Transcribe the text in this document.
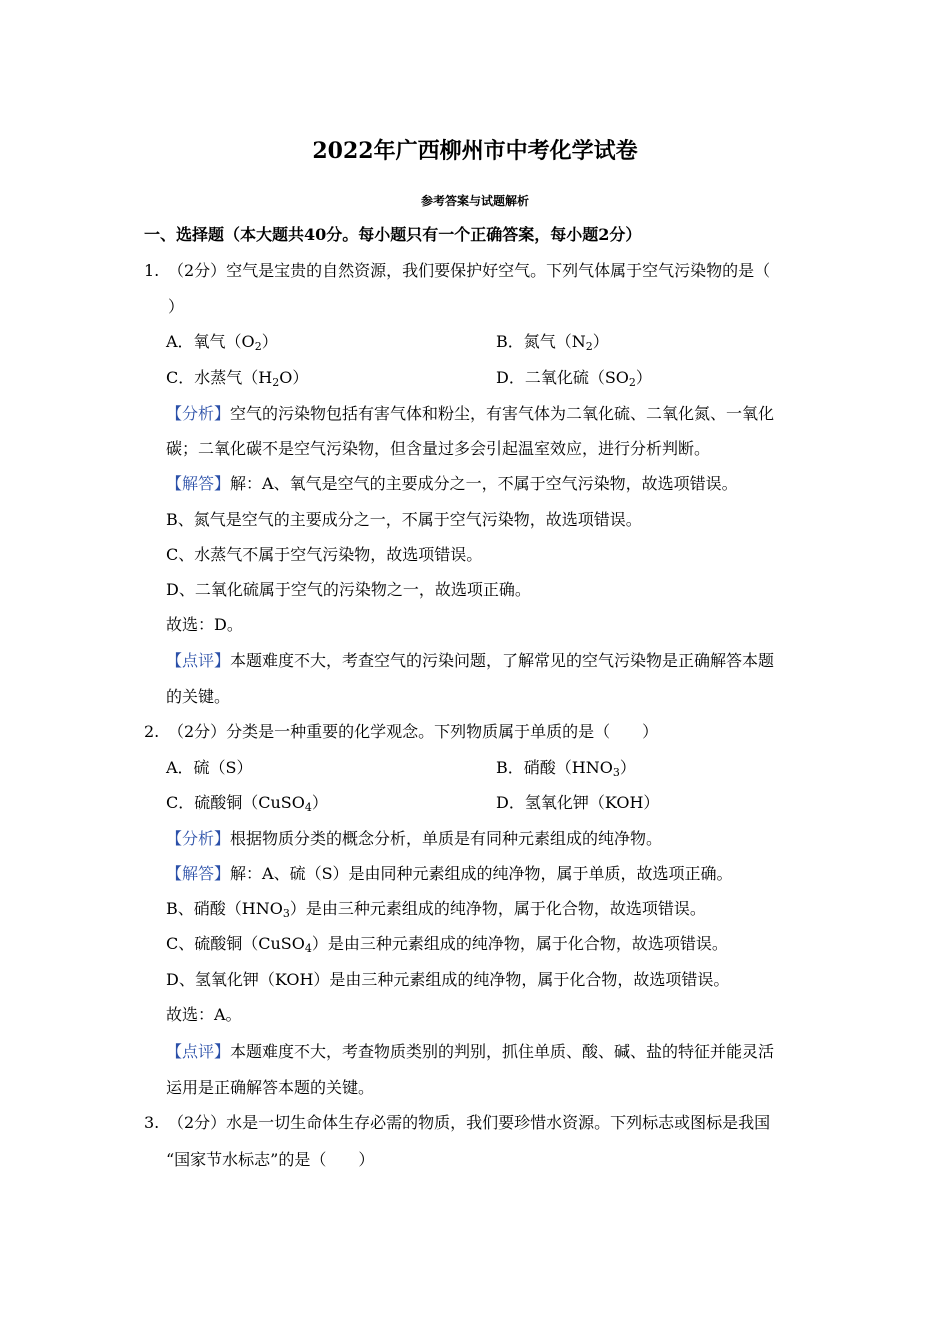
2022年广西柳州市中考化学试卷
参考答案与试题解析
一、选择题（本大题共40分。每小题只有一个正确答案，每小题2分）
1. （2分）空气是宝贵的自然资源，我们要保护好空气。下列气体属于空气污染物的是（
）
A．氧气$(O_2)$	B．氮气$(N_2)$
C．水蒸气$(H_2O)$	D．二氧化硫$(SO_2)$
【分析】空气的污染物包括有害气体和粉尘，有害气体为二氧化硫、二氧化氮、一氧化
碳；二氧化碳不是空气污染物，但含量过多会引起温室效应，进行分析判断。
【解答】解：A、氧气是空气的主要成分之一，不属于空气污染物，故选项错误。
B、氮气是空气的主要成分之一，不属于空气污染物，故选项错误。
C、水蒸气不属于空气污染物，故选项错误。
D、二氧化硫属于空气的污染物之一，故选项正确。
故选：D。
【点评】本题难度不大，考查空气的污染问题，了解常见的空气污染物是正确解答本题
的关键。
2. （2分）分类是一种重要的化学观念。下列物质属于单质的是（　　）
A．硫（S）	B．硝酸$(HNO_3)$
C．硫酸铜（CuSO$_4$）	D．氢氧化钾（KOH）
【分析】根据物质分类的概念分析，单质是有同种元素组成的纯净物。
【解答】解：A、硫（S）是由同种元素组成的纯净物，属于单质，故选项正确。
B、硝酸$(HNO_3)$是由三种元素组成的纯净物，属于化合物，故选项错误。
C、硫酸铜（CuSO$_4$）是由三种元素组成的纯净物，属于化合物，故选项错误。
D、氢氧化钾（KOH）是由三种元素组成的纯净物，属于化合物，故选项错误。
故选：A。
【点评】本题难度不大，考查物质类别的判别，抓住单质、酸、碱、盐的特征并能灵活
运用是正确解答本题的关键。
3. （2分）水是一切生命体生存必需的物质，我们要珍惜水资源。下列标志或图标是我国
“国家节水标志”的是（　　）
